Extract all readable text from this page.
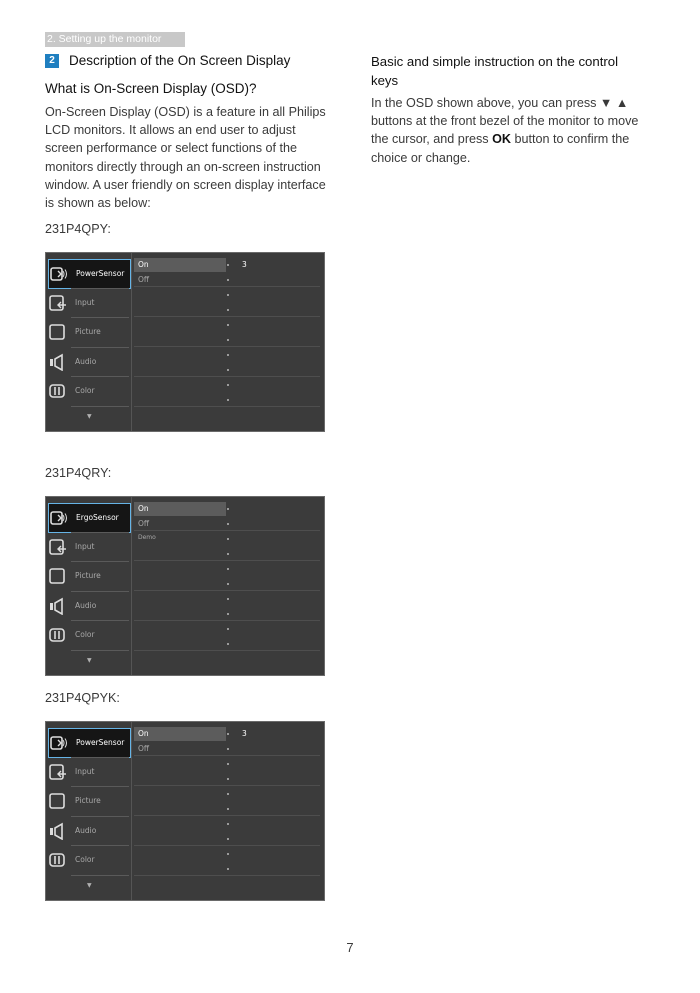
2. Setting up the monitor
2	Description of the On Screen Display
What is On-Screen Display (OSD)?
On-Screen Display (OSD) is a feature in all Philips LCD monitors. It allows an end user to adjust screen performance or select functions of the monitors directly through an on-screen instruction window. A user friendly on screen display interface is shown as below:
231P4QPY:
231P4QRY:
231P4QPYK:
Basic and simple instruction on the control keys
In the OSD shown above, you can press ▼ ▲ buttons at the front bezel of the monitor to move the cursor, and press OK button to confirm the choice or change.
PowerSensor
Input
Picture
Audio
Color
▼
On
Off
3
ErgoSensor
Input
Picture
Audio
Color
▼
On
Off
Demo
PowerSensor
Input
Picture
Audio
Color
▼
On
Off
3
7
